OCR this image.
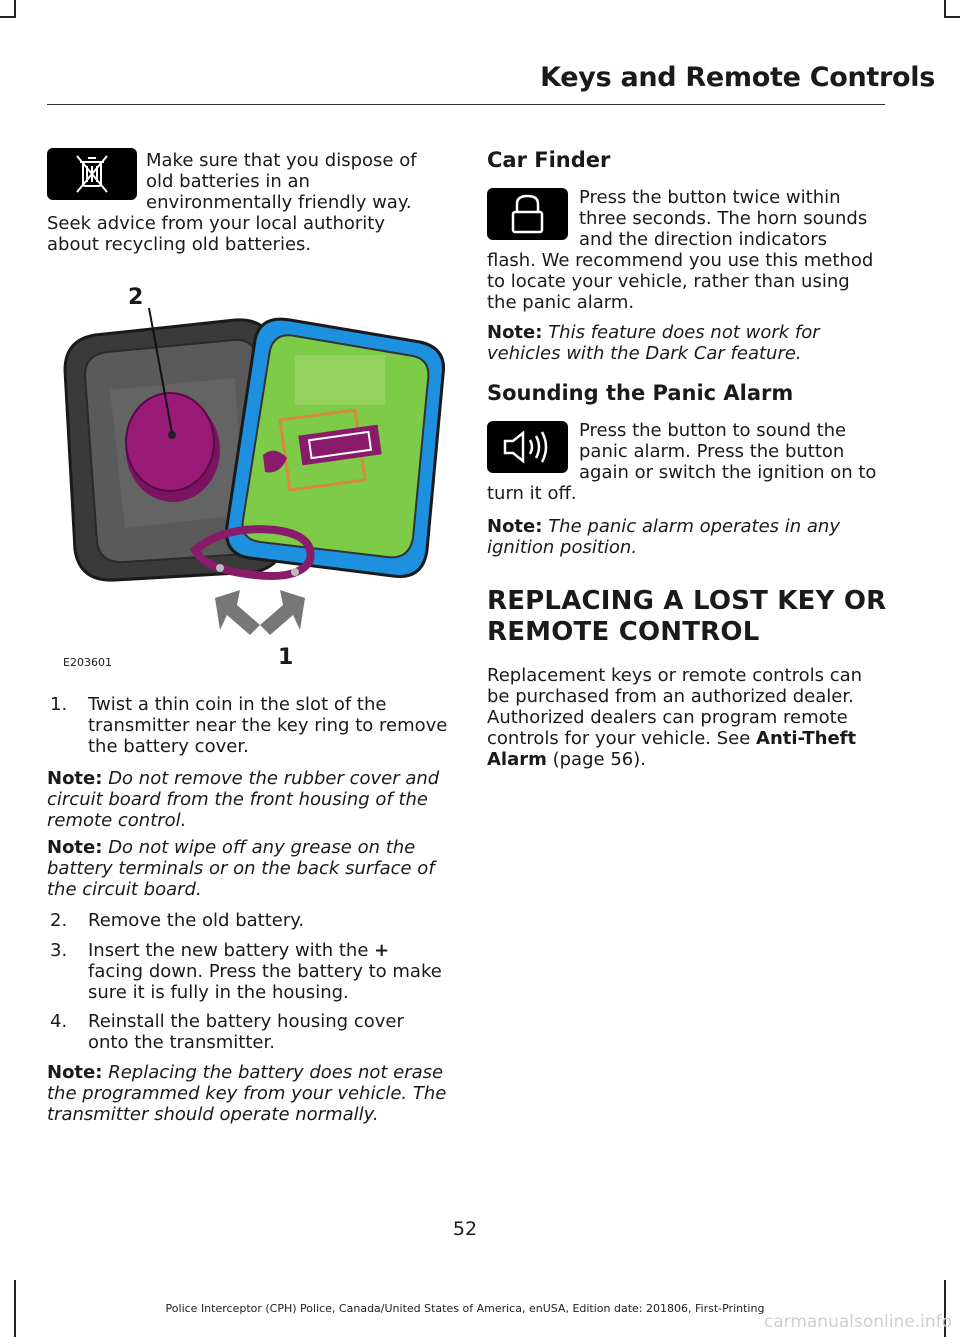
Keys and Remote Controls

Make sure that you dispose of

old batteries in an

environmentally friendly way.

Seek advice from your local authority

about recycling old batteries.

2
1
E203601
1. Twist a thin coin in the slot of the

transmitter near the key ring to remove

the battery cover.

Note: Do not remove the rubber cover and

circuit board from the front housing of the

remote control.

Note: Do not wipe off any grease on the

battery terminals or on the back surface of

the circuit board.

2. Remove the old battery.
3. Insert the new battery with the +

facing down. Press the battery to make

sure it is fully in the housing.

4. Reinstall the battery housing cover

onto the transmitter.

Note: Replacing the battery does not erase

the programmed key from your vehicle. The

transmitter should operate normally.

Car Finder

Press the button twice within

three seconds. The horn sounds

and the direction indicators

flash. We recommend you use this method

to locate your vehicle, rather than using

the panic alarm.

Note: This feature does not work for

vehicles with the Dark Car feature.

Sounding the Panic Alarm

Press the button to sound the

panic alarm. Press the button

again or switch the ignition on to

turn it off.

Note: The panic alarm operates in any

ignition position.

REPLACING A LOST KEY OR
REMOTE CONTROL

Replacement keys or remote controls can

be purchased from an authorized dealer.

Authorized dealers can program remote

controls for your vehicle. See Anti-Theft

Alarm (page 56).

52
Police Interceptor (CPH) Police, Canada/United States of America, enUSA, Edition date: 201806, First-Printing
carmanualsonline.info
